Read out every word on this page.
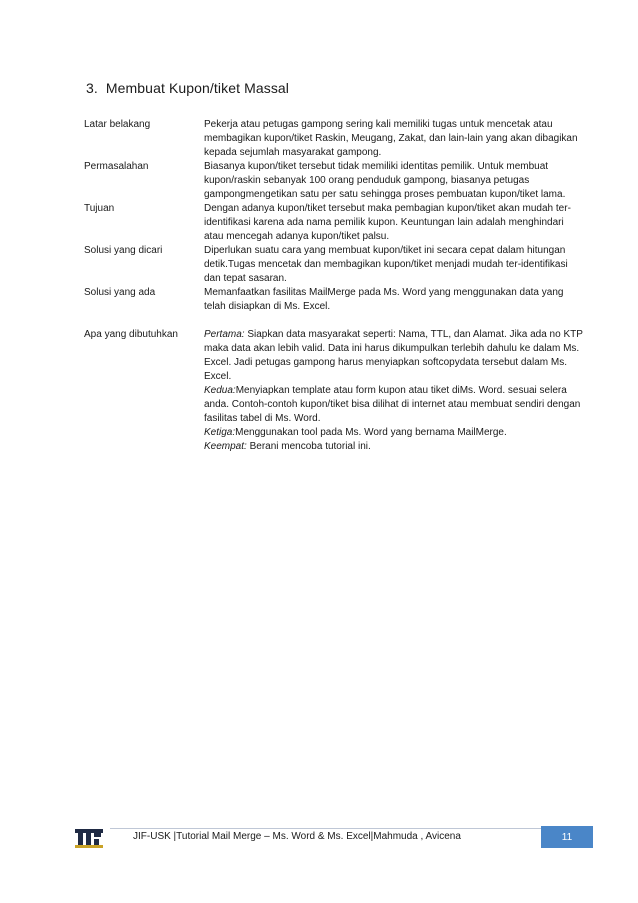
3. Membuat Kupon/tiket Massal
Latar belakang	Pekerja atau petugas gampong sering kali memiliki tugas untuk mencetak atau membagikan kupon/tiket Raskin, Meugang, Zakat, dan lain-lain yang akan dibagikan kepada sejumlah masyarakat gampong.
Permasalahan	Biasanya kupon/tiket tersebut tidak memiliki identitas pemilik. Untuk membuat kupon/raskin sebanyak 100 orang penduduk gampong, biasanya petugas gampongmengetikan satu per satu sehingga proses pembuatan kupon/tiket lama.
Tujuan	Dengan adanya kupon/tiket tersebut maka pembagian kupon/tiket akan mudah ter-identifikasi karena ada nama pemilik kupon. Keuntungan lain adalah menghindari atau mencegah adanya kupon/tiket palsu.
Solusi yang dicari	Diperlukan suatu cara yang membuat kupon/tiket ini secara cepat dalam hitungan detik.Tugas mencetak dan membagikan kupon/tiket menjadi mudah ter-identifikasi dan tepat sasaran.
Solusi yang ada	Memanfaatkan fasilitas MailMerge pada Ms. Word yang menggunakan data yang telah disiapkan di Ms. Excel.
Apa yang dibutuhkan	Pertama: Siapkan data masyarakat seperti: Nama, TTL, dan Alamat. Jika ada no KTP maka data akan lebih valid. Data ini harus dikumpulkan terlebih dahulu ke dalam Ms. Excel. Jadi petugas gampong harus menyiapkan softcopydata tersebut dalam Ms. Excel.
Kedua:Menyiapkan template atau form kupon atau tiket diMs. Word. sesuai selera anda. Contoh-contoh kupon/tiket bisa dilihat di internet atau membuat sendiri dengan fasilitas tabel di Ms. Word.
Ketiga:Menggunakan tool pada Ms. Word yang bernama MailMerge.
Keempat: Berani mencoba tutorial ini.
JIF-USK |Tutorial Mail Merge – Ms. Word & Ms. Excel|Mahmuda , Avicena	11
